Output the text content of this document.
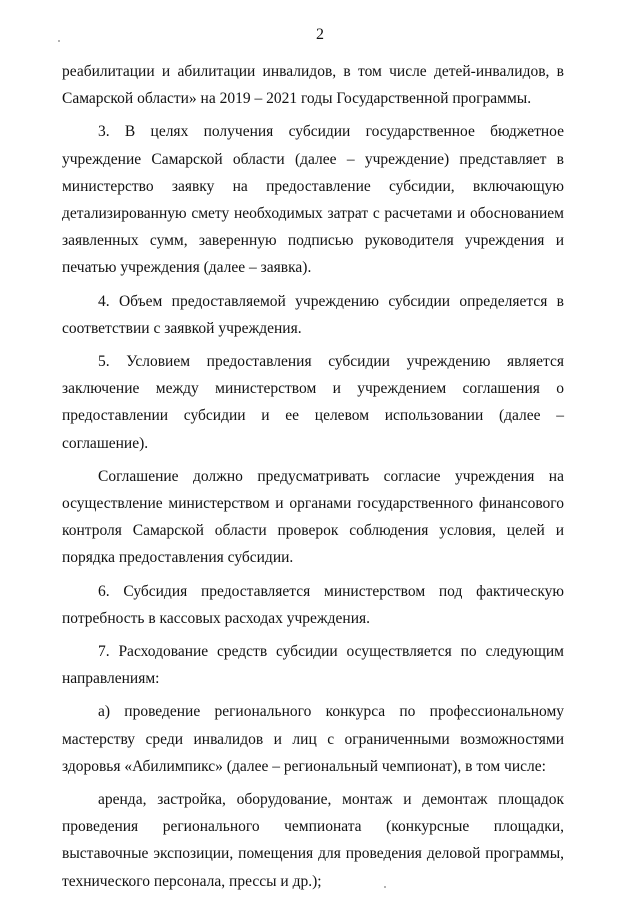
2

реабилитации и абилитации инвалидов, в том числе детей-инвалидов, в Самарской области» на 2019 – 2021 годы Государственной программы.

3. В целях получения субсидии государственное бюджетное учреждение Самарской области (далее – учреждение) представляет в министерство заявку на предоставление субсидии, включающую детализированную смету необходимых затрат с расчетами и обоснованием заявленных сумм, заверенную подписью руководителя учреждения и печатью учреждения (далее – заявка).

4. Объем предоставляемой учреждению субсидии определяется в соответствии с заявкой учреждения.

5. Условием предоставления субсидии учреждению является заключение между министерством и учреждением соглашения о предоставлении субсидии и ее целевом использовании (далее – соглашение).

Соглашение должно предусматривать согласие учреждения на осуществление министерством и органами государственного финансового контроля Самарской области проверок соблюдения условия, целей и порядка предоставления субсидии.

6. Субсидия предоставляется министерством под фактическую потребность в кассовых расходах учреждения.

7. Расходование средств субсидии осуществляется по следующим направлениям:

а) проведение регионального конкурса по профессиональному мастерству среди инвалидов и лиц с ограниченными возможностями здоровья «Абилимпикс» (далее – региональный чемпионат), в том числе:

аренда, застройка, оборудование, монтаж и демонтаж площадок проведения регионального чемпионата (конкурсные площадки, выставочные экспозиции, помещения для проведения деловой программы, технического персонала, прессы и др.);
